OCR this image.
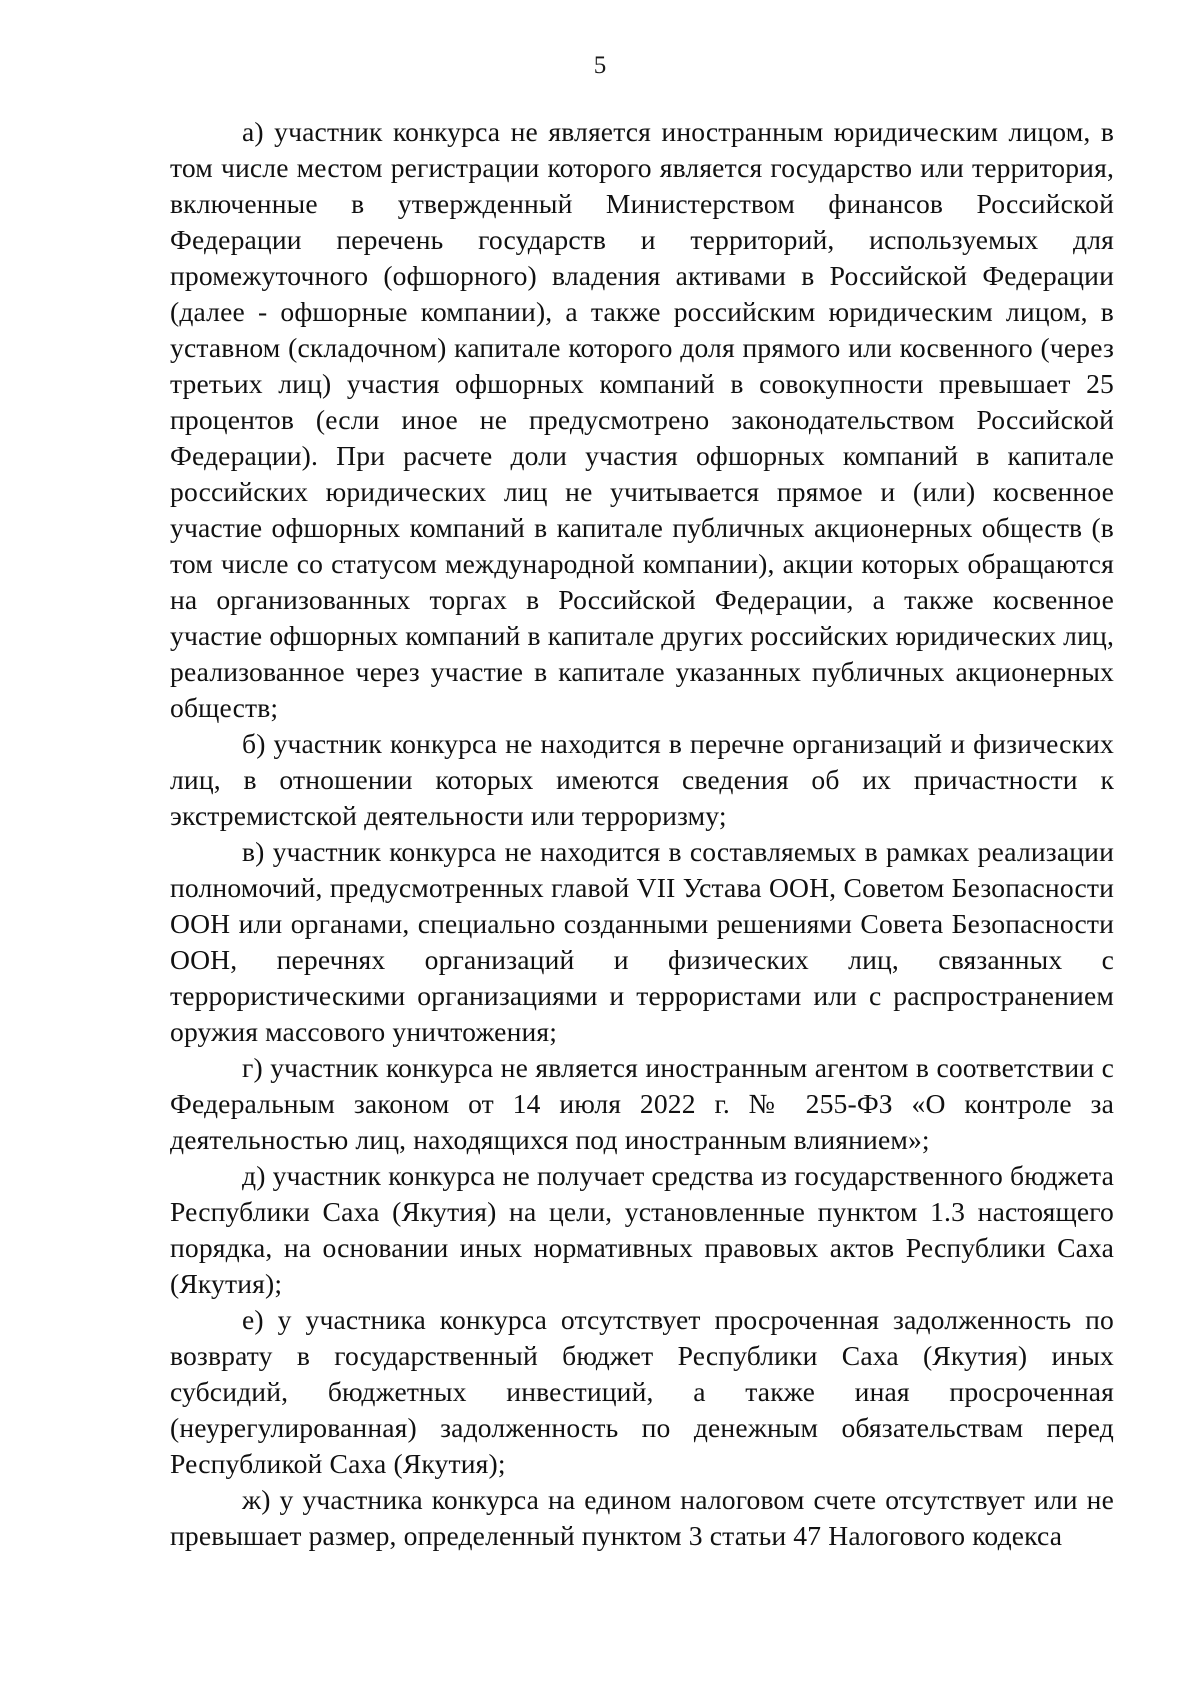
5

а) участник конкурса не является иностранным юридическим лицом, в том числе местом регистрации которого является государство или территория, включенные в утвержденный Министерством финансов Российской Федерации перечень государств и территорий, используемых для промежуточного (офшорного) владения активами в Российской Федерации (далее - офшорные компании), а также российским юридическим лицом, в уставном (складочном) капитале которого доля прямого или косвенного (через третьих лиц) участия офшорных компаний в совокупности превышает 25 процентов (если иное не предусмотрено законодательством Российской Федерации). При расчете доли участия офшорных компаний в капитале российских юридических лиц не учитывается прямое и (или) косвенное участие офшорных компаний в капитале публичных акционерных обществ (в том числе со статусом международной компании), акции которых обращаются на организованных торгах в Российской Федерации, а также косвенное участие офшорных компаний в капитале других российских юридических лиц, реализованное через участие в капитале указанных публичных акционерных обществ;

б) участник конкурса не находится в перечне организаций и физических лиц, в отношении которых имеются сведения об их причастности к экстремистской деятельности или терроризму;

в) участник конкурса не находится в составляемых в рамках реализации полномочий, предусмотренных главой VII Устава ООН, Советом Безопасности ООН или органами, специально созданными решениями Совета Безопасности ООН, перечнях организаций и физических лиц, связанных с террористическими организациями и террористами или с распространением оружия массового уничтожения;

г) участник конкурса не является иностранным агентом в соответствии с Федеральным законом от 14 июля 2022 г. № 255-ФЗ «О контроле за деятельностью лиц, находящихся под иностранным влиянием»;

д) участник конкурса не получает средства из государственного бюджета Республики Саха (Якутия) на цели, установленные пунктом 1.3 настоящего порядка, на основании иных нормативных правовых актов Республики Саха (Якутия);

е) у участника конкурса отсутствует просроченная задолженность по возврату в государственный бюджет Республики Саха (Якутия) иных субсидий, бюджетных инвестиций, а также иная просроченная (неурегулированная) задолженность по денежным обязательствам перед Республикой Саха (Якутия);

ж) у участника конкурса на едином налоговом счете отсутствует или не превышает размер, определенный пунктом 3 статьи 47 Налогового кодекса
